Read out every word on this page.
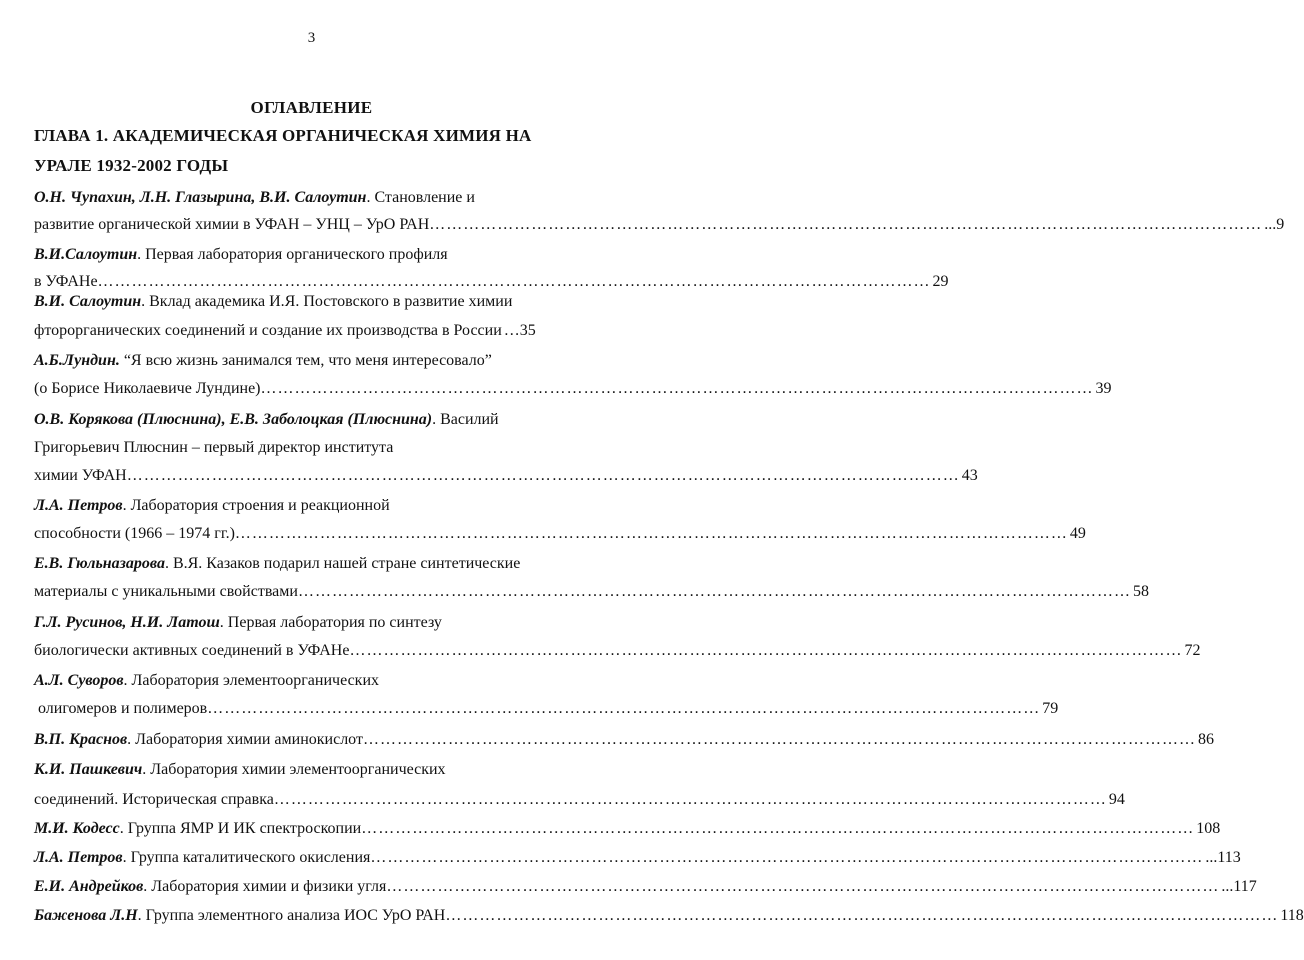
3
ОГЛАВЛЕНИЕ
ГЛАВА 1. АКАДЕМИЧЕСКАЯ ОРГАНИЧЕСКАЯ ХИМИЯ НА
УРАЛЕ 1932-2002 ГОДЫ
О.Н. Чупахин, Л.Н. Глазырина, В.И. Салоутин. Становление и
развитие органической химии в УФАН – УНЦ – УрО РАН ………………………………………………………………………………………………………………………………… ... 9
В.И.Салоутин. Первая лаборатория органического профиля
в УФАНе ………………………………………………………………………………………………………………………………… 29
В.И. Салоутин. Вклад академика И.Я. Постовского в развитие химии
фторорганических соединений и создание их производства в России … 35
А.Б.Лундин. “Я всю жизнь занимался тем, что меня интересовало”
(о Борисе Николаевиче Лундине) ………………………………………………………………………………………………………………………………… 39
О.В. Корякова (Плюснина), Е.В. Заболоцкая (Плюснина). Василий
Григорьевич Плюснин – первый директор института
химии УФАН ………………………………………………………………………………………………………………………………… 43
Л.А. Петров. Лаборатория строения и реакционной
способности (1966 – 1974 гг.) ………………………………………………………………………………………………………………………………… 49
Е.В. Гюльназарова. В.Я. Казаков подарил нашей стране синтетические
материалы с уникальными свойствами ………………………………………………………………………………………………………………………………… 58
Г.Л. Русинов, Н.И. Латош. Первая лаборатория по синтезу
биологически активных соединений в УФАНе ………………………………………………………………………………………………………………………………… 72
А.Л. Суворов. Лаборатория элементоорганических
олигомеров и полимеров ………………………………………………………………………………………………………………………………… 79
В.П. Краснов . Лаборатория химии аминокислот ………………………………………………………………………………………………………………………………… 86
К.И. Пашкевич. Лаборатория химии элементоорганических
соединений. Историческая справка ………………………………………………………………………………………………………………………………… 94
М.И. Кодесс . Группа ЯМР И ИК спектроскопии ………………………………………………………………………………………………………………………………… 108
Л.А. Петров . Группа каталитического окисления ………………………………………………………………………………………………………………………………… ... 113
Е.И. Андрейков . Лаборатория химии и физики угля ………………………………………………………………………………………………………………………………… ... 117
Баженова Л.Н . Группа элементного анализа ИОС УрО РАН ………………………………………………………………………………………………………………………………… 118
